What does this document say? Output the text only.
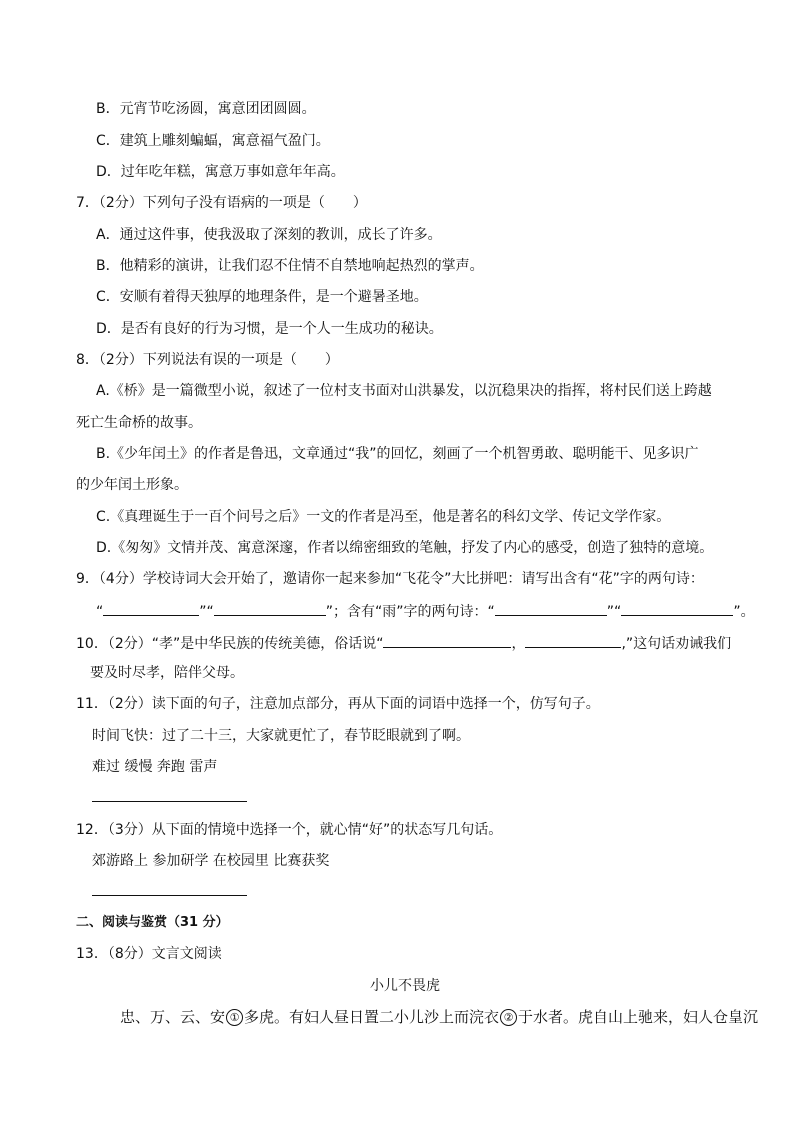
B．元宵节吃汤圆，寓意团团圆圆。
C．建筑上雕刻蝙蝠，寓意福气盈门。
D．过年吃年糕，寓意万事如意年年高。
7．（2分）下列句子没有语病的一项是（　　）
A．通过这件事，使我汲取了深刻的教训，成长了许多。
B．他精彩的演讲，让我们忍不住情不自禁地响起热烈的掌声。
C．安顺有着得天独厚的地理条件，是一个避暑圣地。
D．是否有良好的行为习惯，是一个人一生成功的秘诀。
8．（2分）下列说法有误的一项是（　　）
A.《桥》是一篇微型小说，叙述了一位村支书面对山洪暴发，以沉稳果决的指挥，将村民们送上跨越
死亡生命桥的故事。
B.《少年闰土》的作者是鲁迅，文章通过“我”的回忆，刻画了一个机智勇敢、聪明能干、见多识广
的少年闰土形象。
C.《真理诞生于一百个问号之后》一文的作者是冯至，他是著名的科幻文学、传记文学作家。
D.《匆匆》文情并茂、寓意深邃，作者以绵密细致的笔触，抒发了内心的感受，创造了独特的意境。
9．（4分）学校诗词大会开始了，邀请你一起来参加“飞花令”大比拼吧：请写出含有“花”字的两句诗：
“	”“	”；含有“雨”字的两句诗：“	”“	”。
10．（2分）“孝”是中华民族的传统美德，俗话说“	，	,”这句话劝诫我们
要及时尽孝，陪伴父母。
11．（2分）读下面的句子，注意加点部分，再从下面的词语中选择一个，仿写句子。
时间飞快：过了二十三，大家就更忙了，春节眨眼就到了啊。
难过 缓慢 奔跑 雷声
12．（3分）从下面的情境中选择一个，就心情“好”的状态写几句话。
郊游路上 参加研学 在校园里 比赛获奖
二、阅读与鉴赏（31 分）
13．（8分）文言文阅读
小儿不畏虎
忠、万、云、安 ① 多虎。有妇人昼日置二小儿沙上而浣衣 ② 于水者。虎自山上驰来，妇人仓皇沉
